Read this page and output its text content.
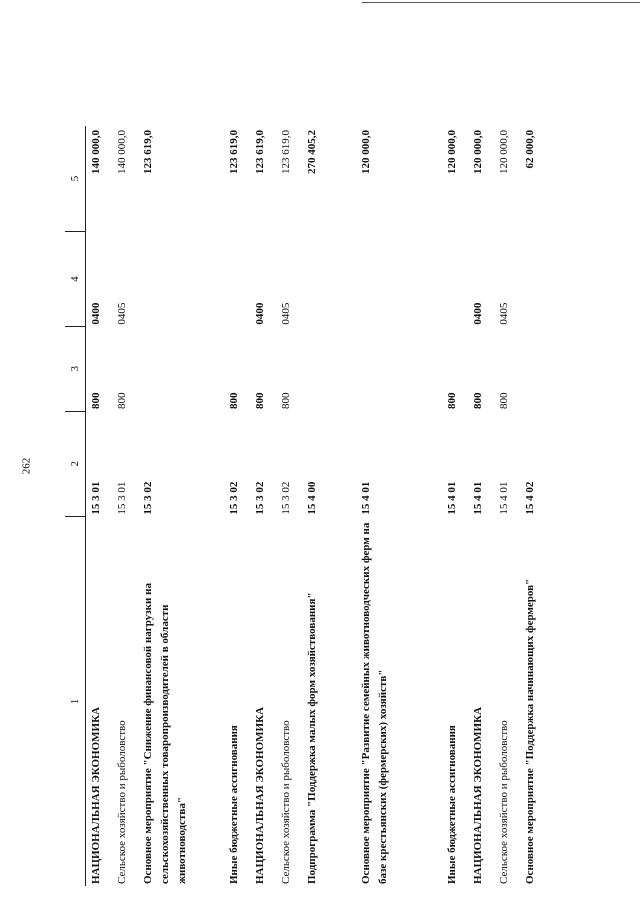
262
1	2	3	4	5
НАЦИОНАЛЬНАЯ ЭКОНОМИКА	15 3 01	800	0400	140 000,0
Сельское хозяйство и рыболовство	15 3 01	800	0405	140 000,0
Основное мероприятие "Снижение финансовой нагрузки на сельскохозяйственных товаропроизводителей в области животноводства"	15 3 02			123 619,0
Иные бюджетные ассигнования	15 3 02	800		123 619,0
НАЦИОНАЛЬНАЯ ЭКОНОМИКА	15 3 02	800	0400	123 619,0
Сельское хозяйство и рыболовство	15 3 02	800	0405	123 619,0
Подпрограмма "Поддержка малых форм хозяйствования"	15 4 00			270 405,2
Основное мероприятие "Развитие семейных животноводческих ферм на базе крестьянских (фермерских) хозяйств"	15 4 01			120 000,0
Иные бюджетные ассигнования	15 4 01	800		120 000,0
НАЦИОНАЛЬНАЯ ЭКОНОМИКА	15 4 01	800	0400	120 000,0
Сельское хозяйство и рыболовство	15 4 01	800	0405	120 000,0
Основное мероприятие "Поддержка начинающих фермеров"	15 4 02			62 000,0
